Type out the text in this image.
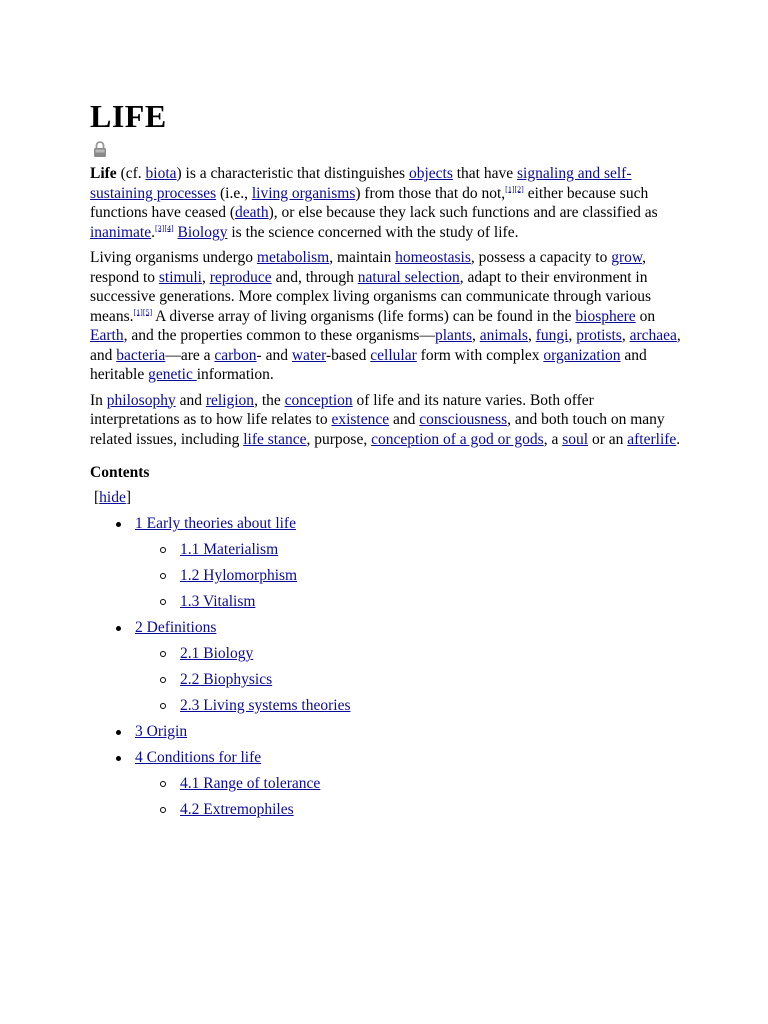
LIFE

Life (cf. biota) is a characteristic that distinguishes objects that have signaling and self-sustaining processes (i.e., living organisms) from those that do not,[1][2] either because such functions have ceased (death), or else because they lack such functions and are classified as inanimate.[3][4] Biology is the science concerned with the study of life.

Living organisms undergo metabolism, maintain homeostasis, possess a capacity to grow, respond to stimuli, reproduce and, through natural selection, adapt to their environment in successive generations. More complex living organisms can communicate through various means.[1][5] A diverse array of living organisms (life forms) can be found in the biosphere on Earth, and the properties common to these organisms—plants, animals, fungi, protists, archaea, and bacteria—are a carbon- and water-based cellular form with complex organization and heritable genetic information.

In philosophy and religion, the conception of life and its nature varies. Both offer interpretations as to how life relates to existence and consciousness, and both touch on many related issues, including life stance, purpose, conception of a god or gods, a soul or an afterlife.

Contents
[hide]
1 Early theories about life
1.1 Materialism
1.2 Hylomorphism
1.3 Vitalism
2 Definitions
2.1 Biology
2.2 Biophysics
2.3 Living systems theories
3 Origin
4 Conditions for life
4.1 Range of tolerance
4.2 Extremophiles
